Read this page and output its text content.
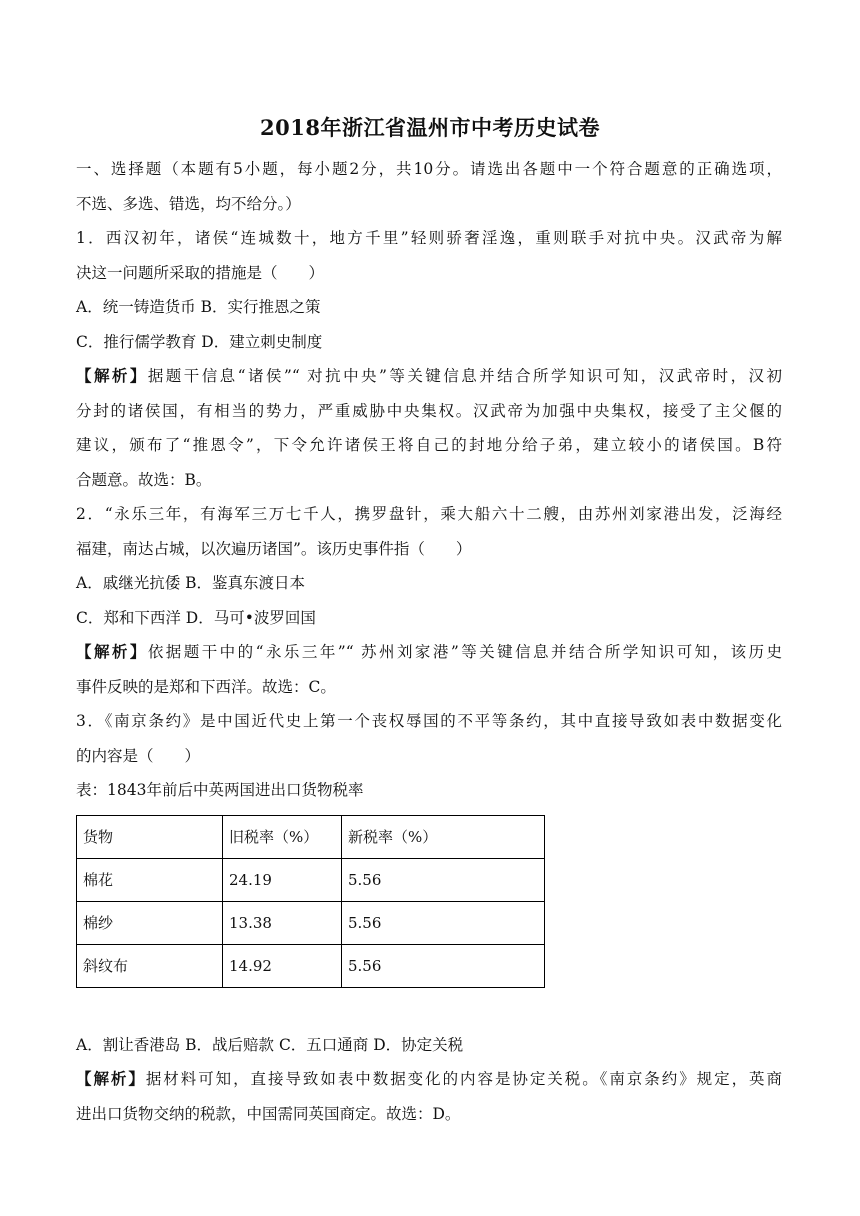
2018年浙江省温州市中考历史试卷

一、选择题（本题有5小题，每小题2分，共10分。请选出各题中一个符合题意的正确选项，

不选、多选、错选，均不给分。）

1．西汉初年，诸侯“连城数十，地方千里”轻则骄奢淫逸，重则联手对抗中央。汉武帝为解

决这一问题所采取的措施是（　　）

A．统一铸造货币 B．实行推恩之策

C．推行儒学教育 D．建立刺史制度

【解析】据题干信息“诸侯”“ 对抗中央”等关键信息并结合所学知识可知，汉武帝时，汉初

分封的诸侯国，有相当的势力，严重威胁中央集权。汉武帝为加强中央集权，接受了主父偃的

建议，颁布了“推恩令”，下令允许诸侯王将自己的封地分给子弟，建立较小的诸侯国。B符

合题意。故选：B。

2．“永乐三年，有海军三万七千人，携罗盘针，乘大船六十二艘，由苏州刘家港出发，泛海经

福建，南达占城，以次遍历诸国”。该历史事件指（　　）

A．戚继光抗倭 B．鉴真东渡日本

C．郑和下西洋 D．马可•波罗回国

【解析】依据题干中的“永乐三年”“ 苏州刘家港”等关键信息并结合所学知识可知，该历史

事件反映的是郑和下西洋。故选：C。

3．《南京条约》是中国近代史上第一个丧权辱国的不平等条约，其中直接导致如表中数据变化

的内容是（　　）

表：1843年前后中英两国进出口货物税率

货物	旧税率（%）	新税率（%）
棉花	24.19	5.56
棉纱	13.38	5.56
斜纹布	14.92	5.56

A．割让香港岛 B．战后赔款 C．五口通商 D．协定关税

【解析】据材料可知，直接导致如表中数据变化的内容是协定关税。《南京条约》规定，英商

进出口货物交纳的税款，中国需同英国商定。故选：D。
